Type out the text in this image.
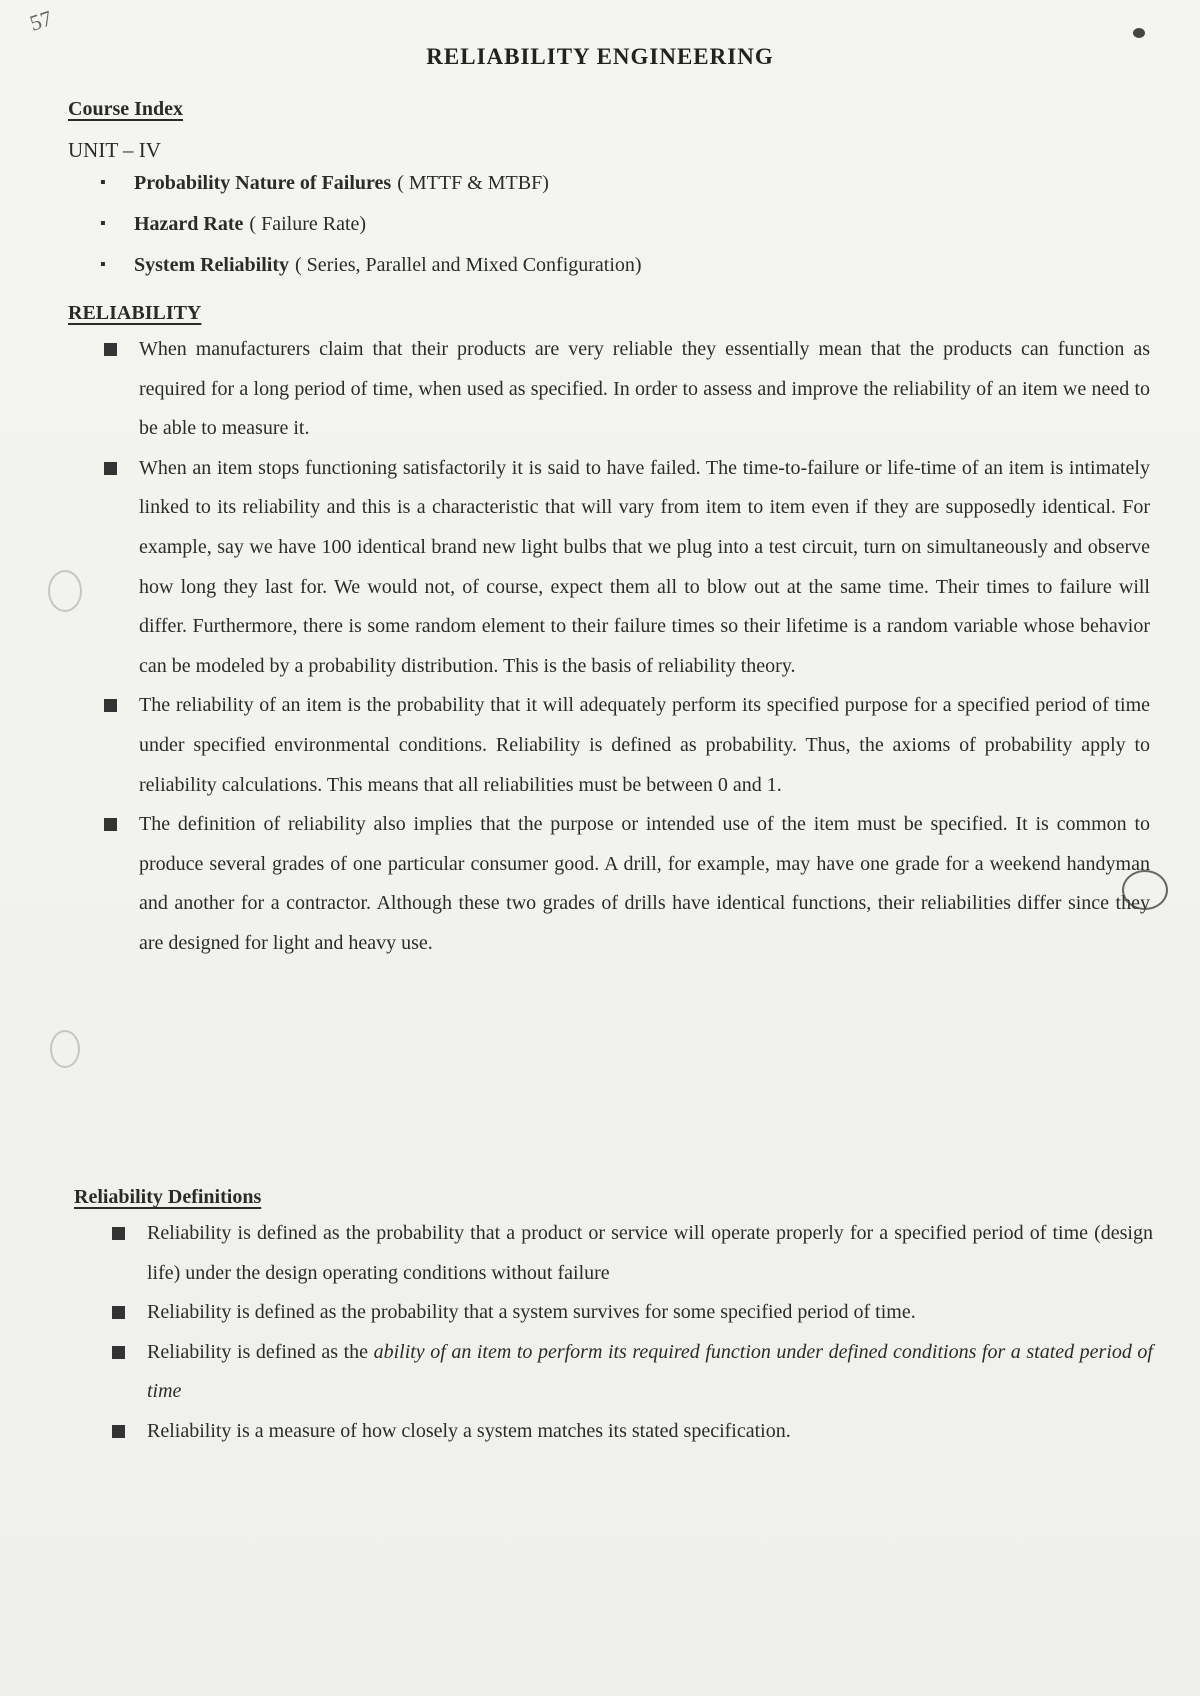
57
RELIABILITY ENGINEERING
Course Index
UNIT – IV
▪ Probability Nature of Failures ( MTTF & MTBF)
▪ Hazard Rate ( Failure Rate)
▪ System Reliability ( Series, Parallel and Mixed Configuration)
RELIABILITY
When manufacturers claim that their products are very reliable they essentially mean that the products can function as required for a long period of time, when used as specified. In order to assess and improve the reliability of an item we need to be able to measure it.
When an item stops functioning satisfactorily it is said to have failed. The time-to-failure or life-time of an item is intimately linked to its reliability and this is a characteristic that will vary from item to item even if they are supposedly identical. For example, say we have 100 identical brand new light bulbs that we plug into a test circuit, turn on simultaneously and observe how long they last for. We would not, of course, expect them all to blow out at the same time. Their times to failure will differ. Furthermore, there is some random element to their failure times so their lifetime is a random variable whose behavior can be modeled by a probability distribution. This is the basis of reliability theory.
The reliability of an item is the probability that it will adequately perform its specified purpose for a specified period of time under specified environmental conditions. Reliability is defined as probability. Thus, the axioms of probability apply to reliability calculations. This means that all reliabilities must be between 0 and 1.
The definition of reliability also implies that the purpose or intended use of the item must be specified. It is common to produce several grades of one particular consumer good. A drill, for example, may have one grade for a weekend handyman and another for a contractor. Although these two grades of drills have identical functions, their reliabilities differ since they are designed for light and heavy use.
Reliability Definitions
Reliability is defined as the probability that a product or service will operate properly for a specified period of time (design life) under the design operating conditions without failure
Reliability is defined as the probability that a system survives for some specified period of time.
Reliability is defined as the ability of an item to perform its required function under defined conditions for a stated period of time
Reliability is a measure of how closely a system matches its stated specification.
